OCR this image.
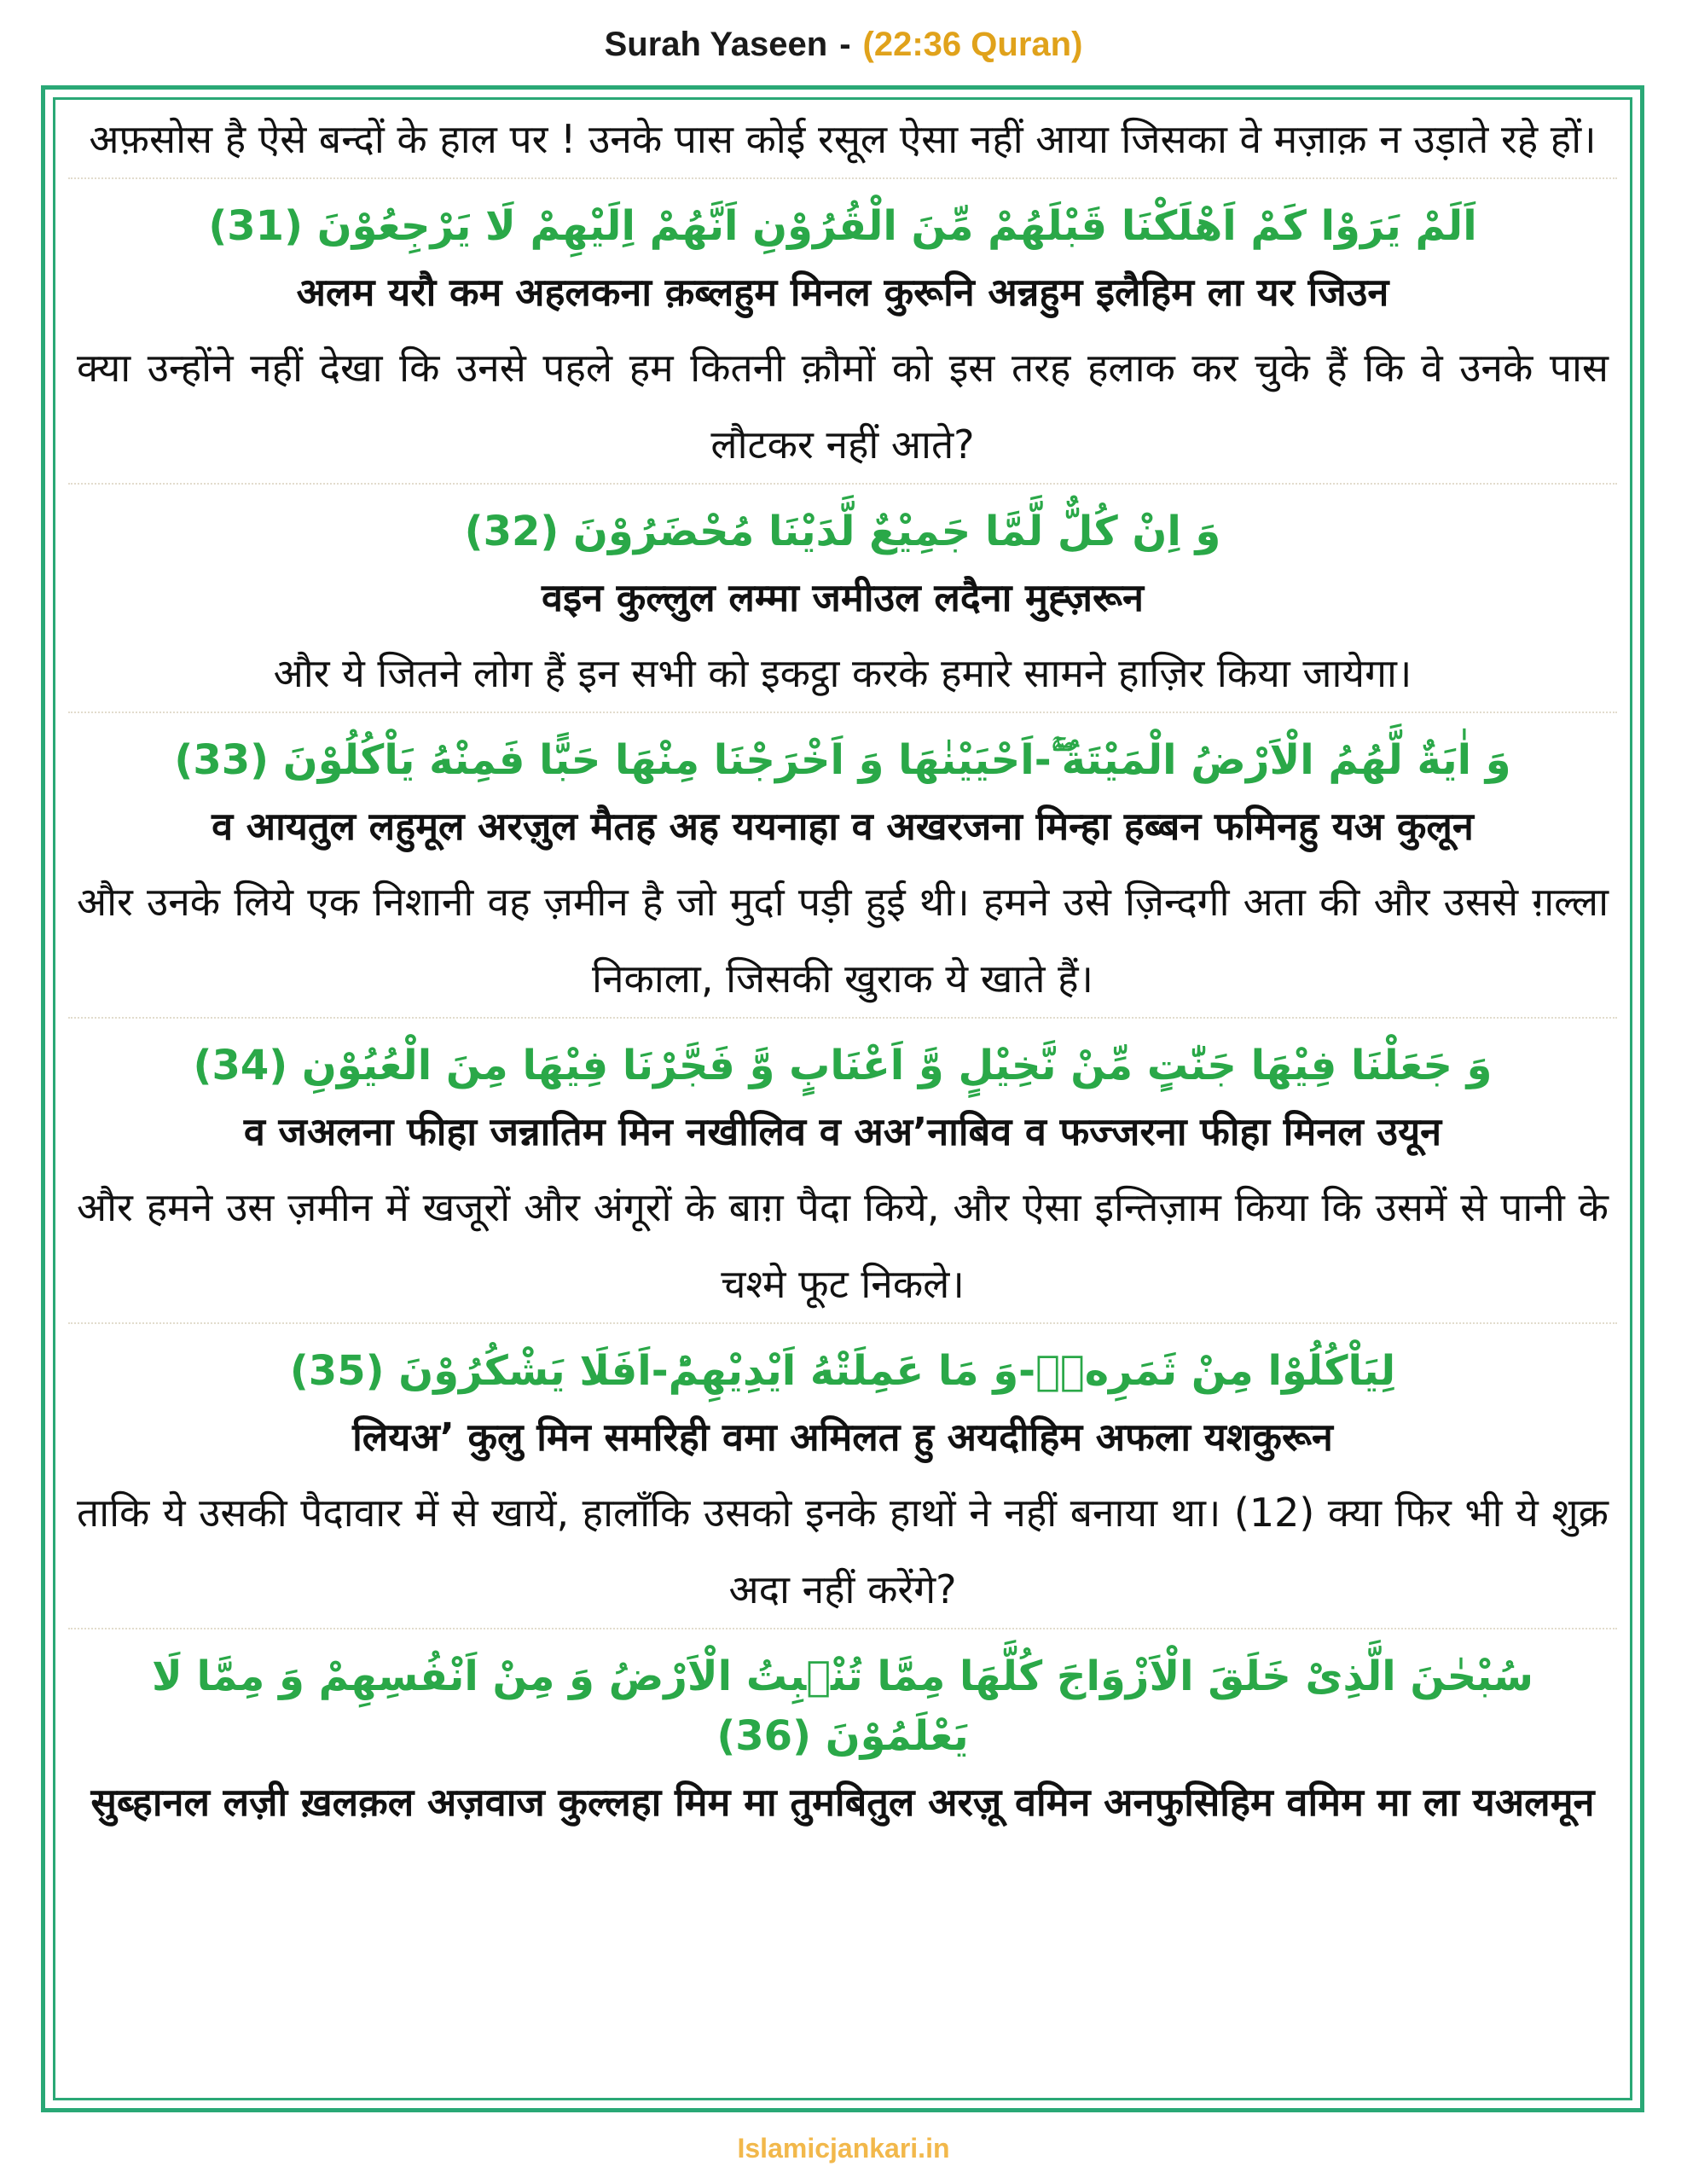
Surah Yaseen - (22:36 Quran)
अफ़सोस है ऐसे बन्दों के हाल पर ! उनके पास कोई रसूल ऐसा नहीं आया जिसका वे मज़ाक़ न उड़ाते रहे हों।
اَلَمْ یَرَوْا كَمْ اَهْلَكْنَا قَبْلَهُمْ مِّنَ الْقُرُوْنِ اَنَّهُمْ اِلَیْهِمْ لَا یَرْجِعُوْنَ (31)
अलम यरौ कम अहलकना क़ब्लहुम मिनल कुरूनि अन्नहुम इलैहिम ला यर जिउन
क्या उन्होंने नहीं देखा कि उनसे पहले हम कितनी क़ौमों को इस तरह हलाक कर चुके हैं कि वे उनके पास लौटकर नहीं आते?
وَ اِنْ كُلٌّ لَّمَّا جَمِیْعٌ لَّدَیْنَا مُحْضَرُوْنَ (32)
वइन कुल्लुल लम्मा जमीउल लदैना मुह्ज़रून
और ये जितने लोग हैं इन सभी को इकट्ठा करके हमारे सामने हाज़िर किया जायेगा।
وَ اٰیَةٌ لَّهُمُ الْاَرْضُ الْمَیْتَةُ ۚۖ-اَحْیَیْنٰهَا وَ اَخْرَجْنَا مِنْهَا حَبًّا فَمِنْهُ یَاْكُلُوْنَ (33)
व आयतुल लहुमूल अरज़ुल मैतह अह ययनाहा व अखरजना मिन्हा हब्बन फमिनहु यअ कुलून
और उनके लिये एक निशानी वह ज़मीन है जो मुर्दा पड़ी हुई थी। हमने उसे ज़िन्दगी अता की और उससे ग़ल्ला निकाला, जिसकी खुराक ये खाते हैं।
وَ جَعَلْنَا فِیْهَا جَنّٰتٍ مِّنْ نَّخِیْلٍ وَّ اَعْنَابٍ وَّ فَجَّرْنَا فِیْهَا مِنَ الْعُیُوْنِ (34)
व जअलना फीहा जन्नातिम मिन नखीलिव व अअ’नाबिव व फज्जरना फीहा मिनल उयून
और हमने उस ज़मीन में खजूरों और अंगूरों के बाग़ पैदा किये, और ऐसा इन्तिज़ाम किया कि उसमें से पानी के चश्मे फूट निकले।
لِیَاْكُلُوْا مِنْ ثَمَرِهٖۙ-وَ مَا عَمِلَتْهُ اَیْدِیْهِمْؕ-اَفَلَا یَشْكُرُوْنَ (35)
लियअ’ कुलु मिन समरिही वमा अमिलत हु अयदीहिम अफला यशकुरून
ताकि ये उसकी पैदावार में से खायें, हालाँकि उसको इनके हाथों ने नहीं बनाया था। (12) क्या फिर भी ये शुक्र अदा नहीं करेंगे?
سُبْحٰنَ الَّذِیْ خَلَقَ الْاَزْوَاجَ كُلَّهَا مِمَّا تُنْۢبِتُ الْاَرْضُ وَ مِنْ اَنْفُسِهِمْ وَ مِمَّا لَا یَعْلَمُوْنَ (36)
सुब्हानल लज़ी ख़लक़ल अज़वाज कुल्लहा मिम मा तुमबितुल अरज़ू वमिन अनफुसिहिम वमिम मा ला यअलमून
Islamicjankari.in
